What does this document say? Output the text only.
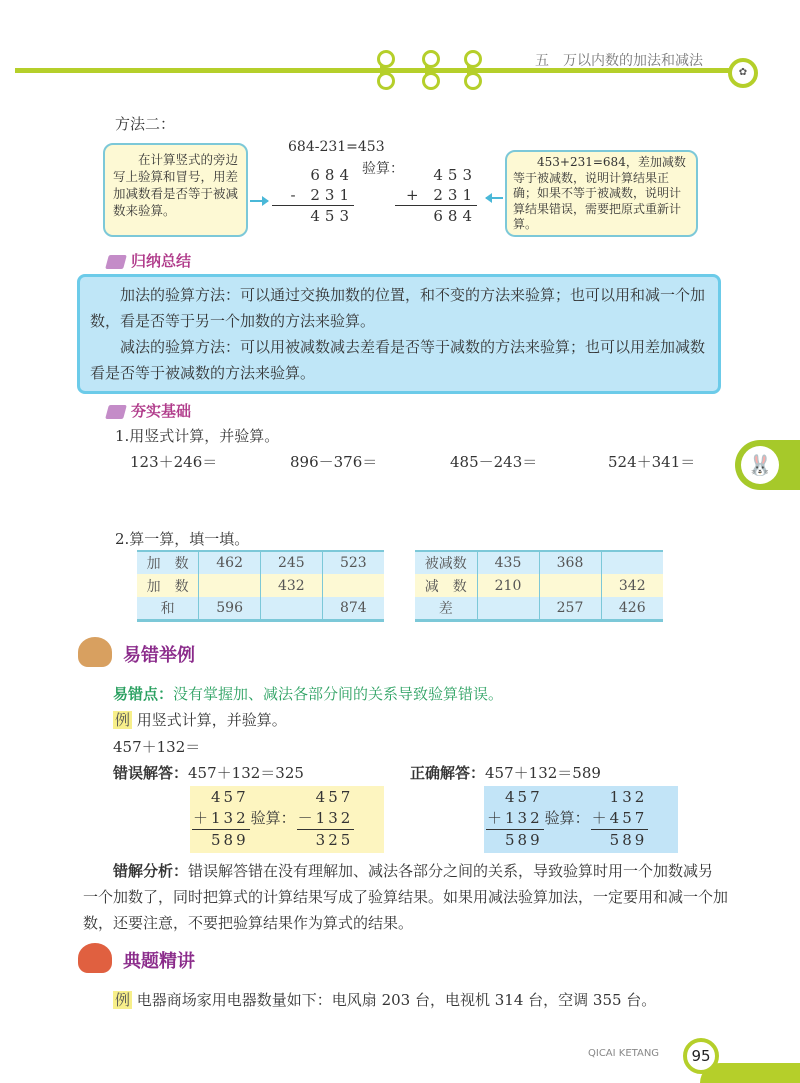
五　万以内数的加法和减法
✿
方法二：
在计算竖式的旁边写上验算和冒号，用差加减数看是否等于被减数来验算。
684-231=453
验算：
684
- 231
453
453
+ 231
684
453+231=684，差加减数等于被减数，说明计算结果正确；如果不等于被减数，说明计算结果错误，需要把原式重新计算。
归纳总结

加法的验算方法：可以通过交换加数的位置，和不变的方法来验算；也可以用和减一个加数，看是否等于另一个加数的方法来验算。

减法的验算方法：可以用被减数减去差看是否等于减数的方法来验算；也可以用差加减数看是否等于被减数的方法来验算。

夯实基础
1.用竖式计算，并验算。
123＋246＝	896－376＝	485－243＝	524＋341＝	🐰
2.算一算，填一填。
加　数	462	245	523
加　数		432	
和	596		874
被减数	435	368	
减　数	210		342
差		257	426
易错举例
易错点：没有掌握加、减法各部分间的关系导致验算错误。
例 用竖式计算，并验算。
457＋132＝
错误解答：457＋132＝325	正确解答：457＋132＝589
457		457
＋132	验算：	－132
589		325
457		132
＋132	验算：	＋457
589		589
错解分析：错误解答错在没有理解加、减法各部分之间的关系，导致验算时用一个加数减另一个加数了，同时把算式的计算结果写成了验算结果。如果用减法验算加法，一定要用和减一个加数，还要注意，不要把验算结果作为算式的结果。
典题精讲
例 电器商场家用电器数量如下：电风扇 203 台，电视机 314 台，空调 355 台。
QICAI KETANG	95
